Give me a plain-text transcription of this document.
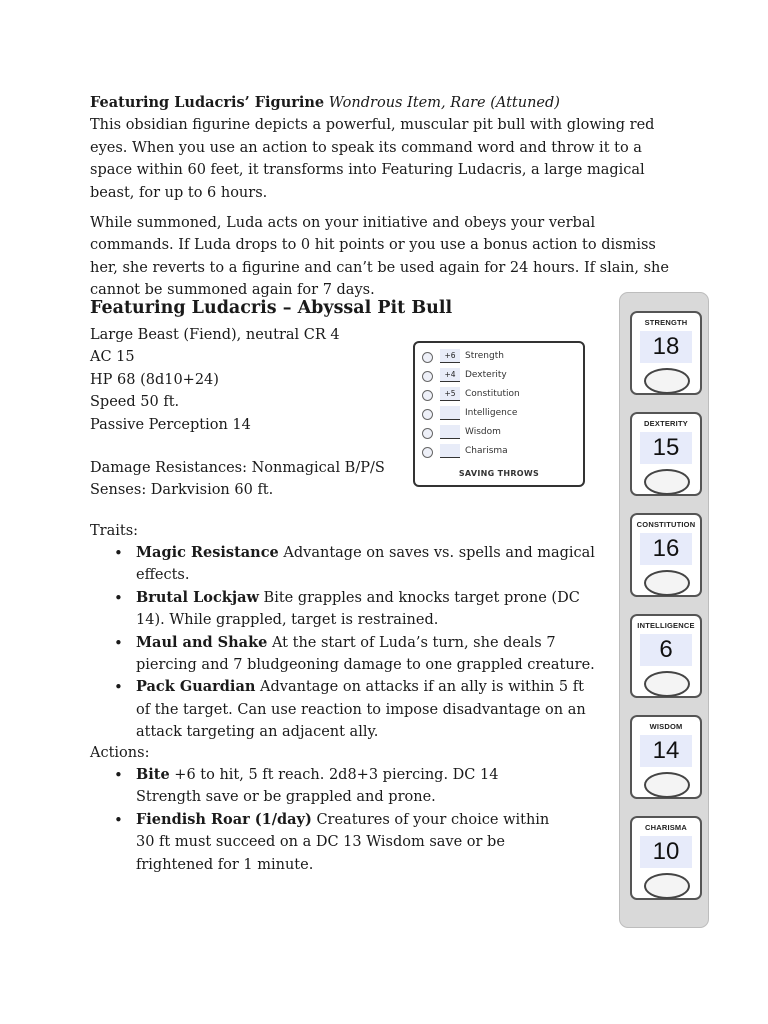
Featuring Ludacris’ Figurine Wondrous Item, Rare (Attuned)

This obsidian figurine depicts a powerful, muscular pit bull with glowing red eyes. When you use an action to speak its command word and throw it to a space within 60 feet, it transforms into Featuring Ludacris, a large magical beast, for up to 6 hours.

While summoned, Luda acts on your initiative and obeys your verbal commands. If Luda drops to 0 hit points or you use a bonus action to dismiss her, she reverts to a figurine and can’t be used again for 24 hours. If slain, she cannot be summoned again for 7 days.

Featuring Ludacris – Abyssal Pit Bull
Large Beast (Fiend), neutral CR 4
AC 15
HP 68 (8d10+24)
Speed 50 ft.
Passive Perception 14
Damage Resistances: Nonmagical B/P/S
Senses: Darkvision 60 ft.
Traits:
• Magic Resistance Advantage on saves vs. spells and magical effects.
• Brutal Lockjaw Bite grapples and knocks target prone (DC 14). While grappled, target is restrained.
• Maul and Shake At the start of Luda’s turn, she deals 7 piercing and 7 bludgeoning damage to one grappled creature.
• Pack Guardian Advantage on attacks if an ally is within 5 ft of the target. Can use reaction to impose disadvantage on an attack targeting an adjacent ally.
Actions:
• Bite +6 to hit, 5 ft reach. 2d8+3 piercing. DC 14 Strength save or be grappled and prone.
• Fiendish Roar (1/day) Creatures of your choice within 30 ft must succeed on a DC 13 Wisdom save or be frightened for 1 minute.
+6	Strength
+4	Dexterity
+5	Constitution
Intelligence
Wisdom
Charisma
SAVING THROWS
STRENGTH
18
DEXTERITY
15
CONSTITUTION
16
INTELLIGENCE
6
WISDOM
14
CHARISMA
10
